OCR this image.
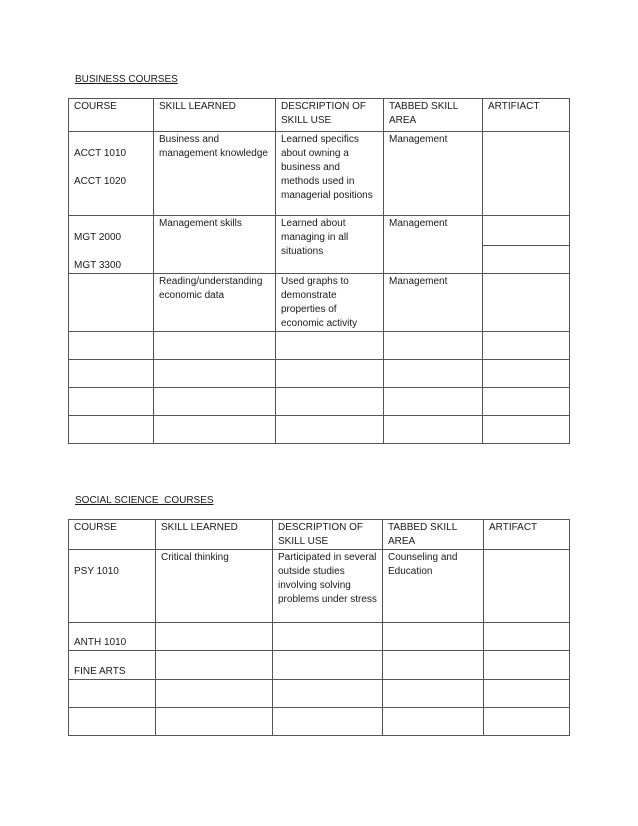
BUSINESS COURSES
COURSE	SKILL LEARNED	DESCRIPTION OF SKILL USE	TABBED SKILL AREA	ARTIFIACT

ACCT 1010
ACCT 1020	Business and management knowledge	Learned specifics about owning a business and methods used in managerial positions	Management	

MGT 2000
MGT 3300	Management skills	Learned about managing in all situations	Management	

	Reading/understanding economic data	Used graphs to demonstrate properties of economic activity	Management	

SOCIAL SCIENCE  COURSES
COURSE	SKILL LEARNED	DESCRIPTION OF SKILL USE	TABBED SKILL AREA	ARTIFACT

PSY 1010	Critical thinking	Participated in several outside studies involving solving problems under stress	Counseling and Education	

ANTH 1010				

FINE ARTS				
